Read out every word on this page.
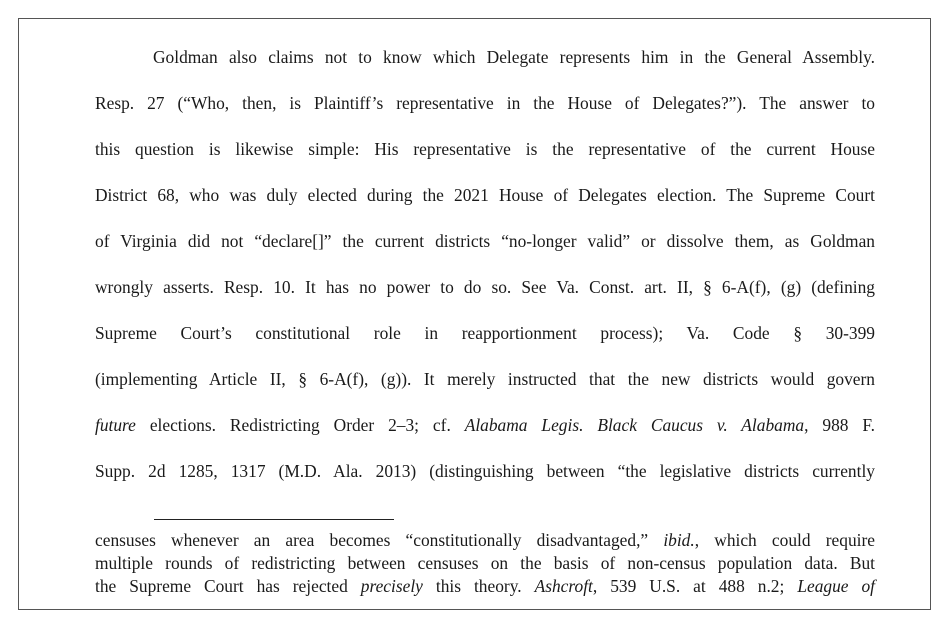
Goldman also claims not to know which Delegate represents him in the General Assembly.
Resp. 27 (“Who, then, is Plaintiff’s representative in the House of Delegates?”). The answer to
this question is likewise simple: His representative is the representative of the current House
District 68, who was duly elected during the 2021 House of Delegates election. The Supreme Court
of Virginia did not “declare[]” the current districts “no-longer valid” or dissolve them, as Goldman
wrongly asserts. Resp. 10. It has no power to do so. See Va. Const. art. II, § 6-A(f), (g) (defining
Supreme Court’s constitutional role in reapportionment process); Va. Code § 30-399
(implementing Article II, § 6-A(f), (g)). It merely instructed that the new districts would govern
future elections. Redistricting Order 2–3; cf. Alabama Legis. Black Caucus v. Alabama, 988 F.
Supp. 2d 1285, 1317 (M.D. Ala. 2013) (distinguishing between “the legislative districts currently
censuses whenever an area becomes “constitutionally disadvantaged,” ibid., which could require
multiple rounds of redistricting between censuses on the basis of non-census population data. But
the Supreme Court has rejected precisely this theory. Ashcroft, 539 U.S. at 488 n.2; League of
